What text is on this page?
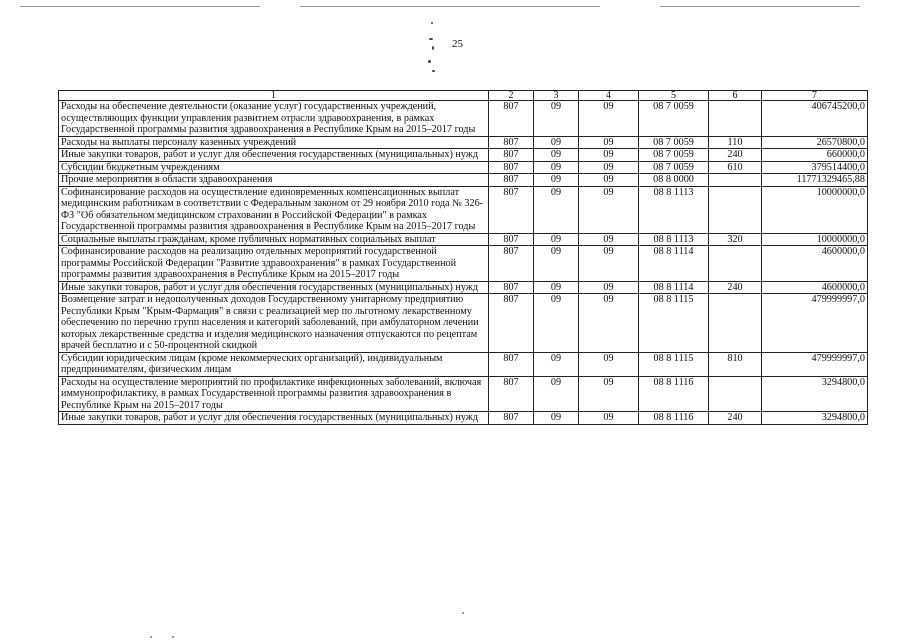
25
1	2	3	4	5	6	7
Расходы на обеспечение деятельности (оказание услуг) государственных учреждений, осуществляющих функции управления развитием отрасли здравоохранения, в рамках Государственной программы развития здравоохранения в Республике Крым на 2015–2017 годы	807	09	09	08 7 0059		406745200,0
Расходы на выплаты персоналу казенных учреждений	807	09	09	08 7 0059	110	26570800,0
Иные закупки товаров, работ и услуг для обеспечения государственных (муниципальных) нужд	807	09	09	08 7 0059	240	660000,0
Субсидии бюджетным учреждениям	807	09	09	08 7 0059	610	379514400,0
Прочие мероприятия в области здравоохранения	807	09	09	08 8 0000		11771329465,88
Софинансирование расходов на осуществление единовременных компенсационных выплат медицинским работникам в соответствии с Федеральным законом от 29 ноября 2010 года № 326-ФЗ "Об обязательном медицинском страховании в Российской Федерации" в рамках Государственной программы развития здравоохранения в Республике Крым на 2015–2017 годы	807	09	09	08 8 1113		10000000,0
Социальные выплаты гражданам, кроме публичных нормативных социальных выплат	807	09	09	08 8 1113	320	10000000,0
Софинансирование расходов на реализацию отдельных мероприятий государственной программы Российской Федерации "Развитие здравоохранения" в рамках Государственной программы развития здравоохранения в Республике Крым на 2015–2017 годы	807	09	09	08 8 1114		4600000,0
Иные закупки товаров, работ и услуг для обеспечения государственных (муниципальных) нужд	807	09	09	08 8 1114	240	4600000,0
Возмещение затрат и недополученных доходов Государственному унитарному предприятию Республики Крым "Крым-Фармация" в связи с реализацией мер по льготному лекарственному обеспечению по перечню групп населения и категорий заболеваний, при амбулаторном лечении которых лекарственные средства и изделия медицинского назначения отпускаются по рецептам врачей бесплатно и с 50-процентной скидкой	807	09	09	08 8 1115		479999997,0
Субсидии юридическим лицам (кроме некоммерческих организаций), индивидуальным предпринимателям, физическим лицам	807	09	09	08 8 1115	810	479999997,0
Расходы на осуществление мероприятий по профилактике инфекционных заболеваний, включая иммунопрофилактику, в рамках Государственной программы развития здравоохранения в Республике Крым на 2015–2017 годы	807	09	09	08 8 1116		3294800,0
Иные закупки товаров, работ и услуг для обеспечения государственных (муниципальных) нужд	807	09	09	08 8 1116	240	3294800,0
